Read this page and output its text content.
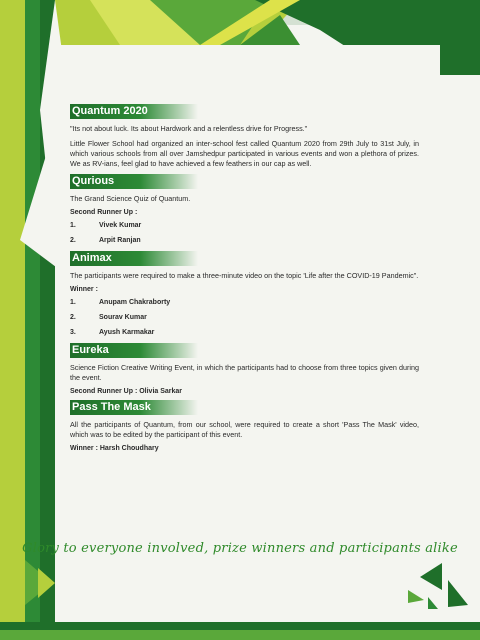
Quantum 2020

"Its not about luck. Its about Hardwork and a relentless drive for Progress."

Little Flower School had organized an inter-school fest called Quantum 2020 from 29th July to 31st July, in which various schools from all over Jamshedpur participated in various events and won a plethora of prizes. We as RV-ians, feel glad to have achieved a few feathers in our cap as well.

Qurious

The Grand Science Quiz of Quantum.

Second Runner Up :
1.	Vivek Kumar
2.	Arpit Ranjan
Animax

The participants were required to make a three-minute video on the topic 'Life after the COVID-19 Pandemic".

Winner :
1.	Anupam Chakraborty
2.	Sourav Kumar
3.	Ayush Karmakar
Eureka

Science Fiction Creative Writing Event, in which the participants had to choose from three topics given during the event.

Second Runner Up : Olivia Sarkar
Pass The Mask

All the participants of Quantum, from our school, were required to create a short 'Pass The Mask' video, which was to be edited by the participant of this event.

Winner : Harsh Choudhary
Glory to everyone involved, prize winners and participants alike
